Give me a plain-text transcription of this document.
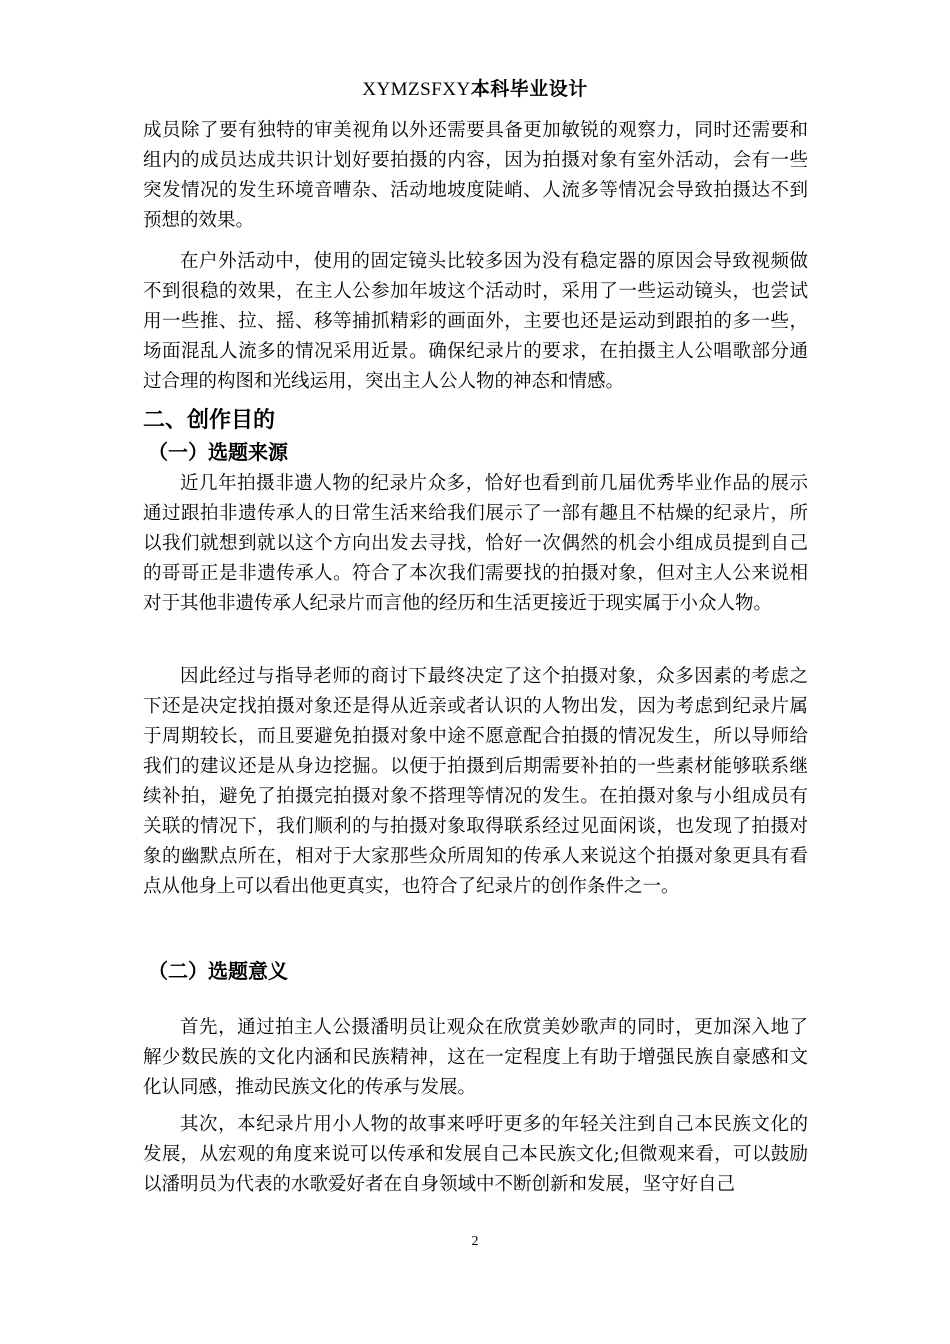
XYMZSFXY本科毕业设计

成员除了要有独特的审美视角以外还需要具备更加敏锐的观察力，同时还需要和组内的成员达成共识计划好要拍摄的内容，因为拍摄对象有室外活动，会有一些突发情况的发生环境音嘈杂、活动地坡度陡峭、人流多等情况会导致拍摄达不到预想的效果。

在户外活动中，使用的固定镜头比较多因为没有稳定器的原因会导致视频做不到很稳的效果，在主人公参加年坡这个活动时，采用了一些运动镜头，也尝试用一些推、拉、摇、移等捕抓精彩的画面外，主要也还是运动到跟拍的多一些，场面混乱人流多的情况采用近景。确保纪录片的要求，在拍摄主人公唱歌部分通过合理的构图和光线运用，突出主人公人物的神态和情感。

二、创作目的
（一）选题来源

近几年拍摄非遗人物的纪录片众多，恰好也看到前几届优秀毕业作品的展示通过跟拍非遗传承人的日常生活来给我们展示了一部有趣且不枯燥的纪录片，所以我们就想到就以这个方向出发去寻找，恰好一次偶然的机会小组成员提到自己的哥哥正是非遗传承人。符合了本次我们需要找的拍摄对象，但对主人公来说相对于其他非遗传承人纪录片而言他的经历和生活更接近于现实属于小众人物。

因此经过与指导老师的商讨下最终决定了这个拍摄对象，众多因素的考虑之下还是决定找拍摄对象还是得从近亲或者认识的人物出发，因为考虑到纪录片属于周期较长，而且要避免拍摄对象中途不愿意配合拍摄的情况发生，所以导师给我们的建议还是从身边挖掘。以便于拍摄到后期需要补拍的一些素材能够联系继续补拍，避免了拍摄完拍摄对象不搭理等情况的发生。在拍摄对象与小组成员有关联的情况下，我们顺利的与拍摄对象取得联系经过见面闲谈，也发现了拍摄对象的幽默点所在，相对于大家那些众所周知的传承人来说这个拍摄对象更具有看点从他身上可以看出他更真实，也符合了纪录片的创作条件之一。

（二）选题意义

首先，通过拍主人公摄潘明员让观众在欣赏美妙歌声的同时，更加深入地了解少数民族的文化内涵和民族精神，这在一定程度上有助于增强民族自豪感和文化认同感，推动民族文化的传承与发展。

其次，本纪录片用小人物的故事来呼吁更多的年轻关注到自己本民族文化的发展，从宏观的角度来说可以传承和发展自己本民族文化;但微观来看，可以鼓励以潘明员为代表的水歌爱好者在自身领域中不断创新和发展，坚守好自己

2
